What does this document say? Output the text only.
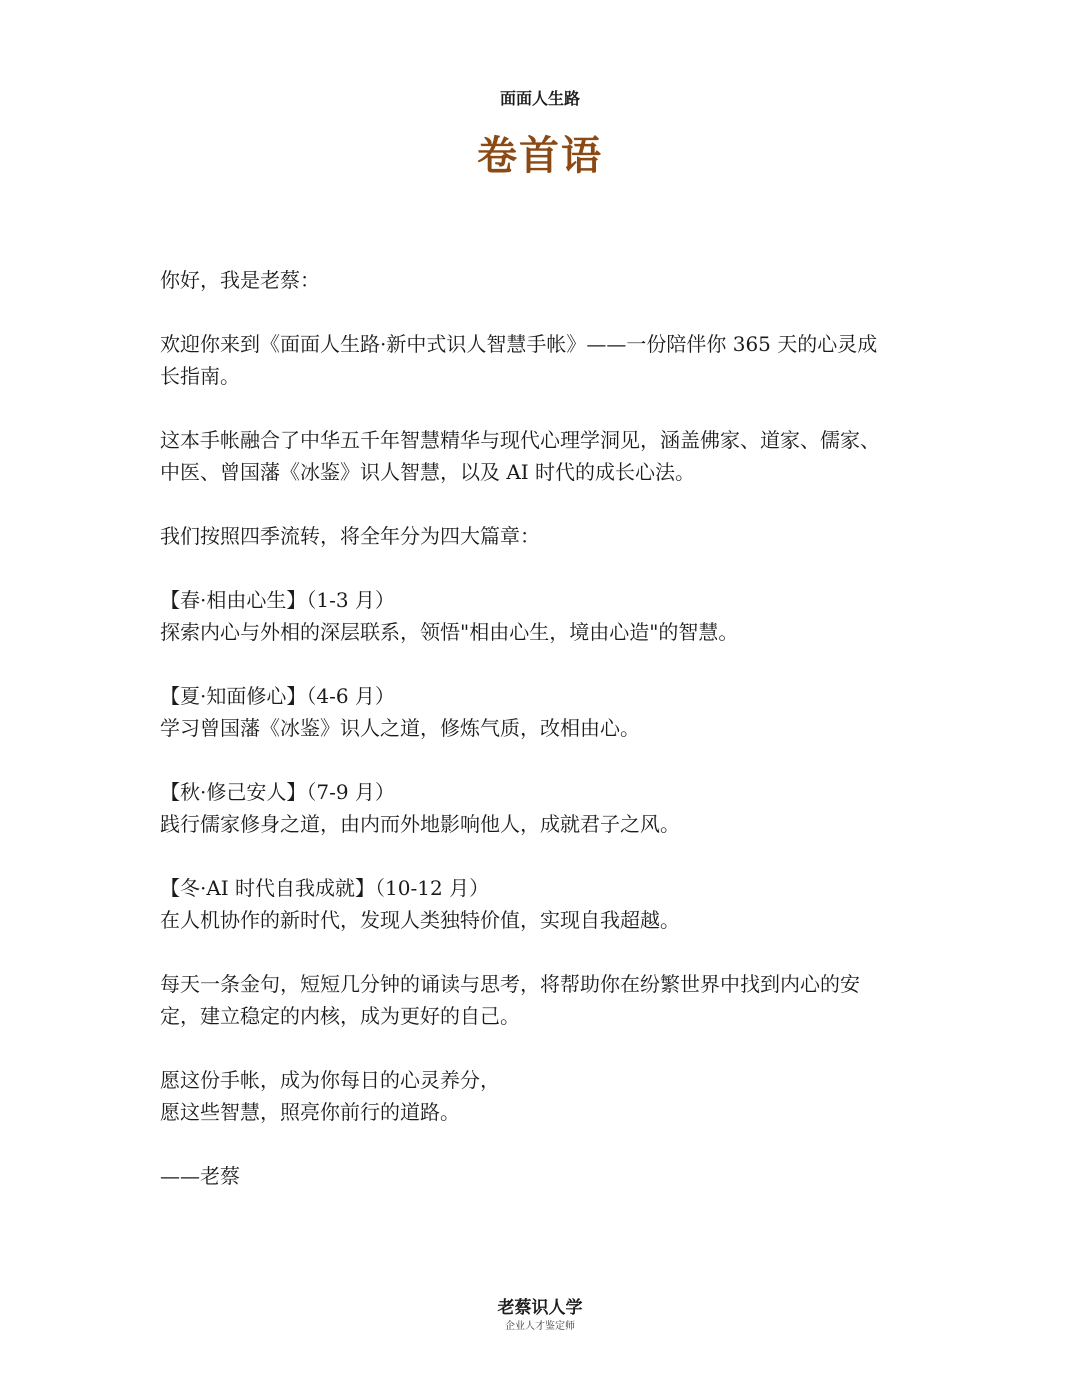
面面人生路
卷首语

你好，我是老蔡：

欢迎你来到《面面人生路·新中式识人智慧手帐》——一份陪伴你 365 天的心灵成
长指南。

这本手帐融合了中华五千年智慧精华与现代心理学洞见，涵盖佛家、道家、儒家、
中医、曾国藩《冰鉴》识人智慧，以及 AI 时代的成长心法。

我们按照四季流转，将全年分为四大篇章：

【春·相由心生】（1-3 月）
探索内心与外相的深层联系，领悟"相由心生，境由心造"的智慧。

【夏·知面修心】（4-6 月）
学习曾国藩《冰鉴》识人之道，修炼气质，改相由心。

【秋·修己安人】（7-9 月）
践行儒家修身之道，由内而外地影响他人，成就君子之风。

【冬·AI 时代自我成就】（10-12 月）
在人机协作的新时代，发现人类独特价值，实现自我超越。

每天一条金句，短短几分钟的诵读与思考，将帮助你在纷繁世界中找到内心的安
定，建立稳定的内核，成为更好的自己。

愿这份手帐，成为你每日的心灵养分，
愿这些智慧，照亮你前行的道路。

——老蔡

老蔡识人学
企业人才鉴定师
